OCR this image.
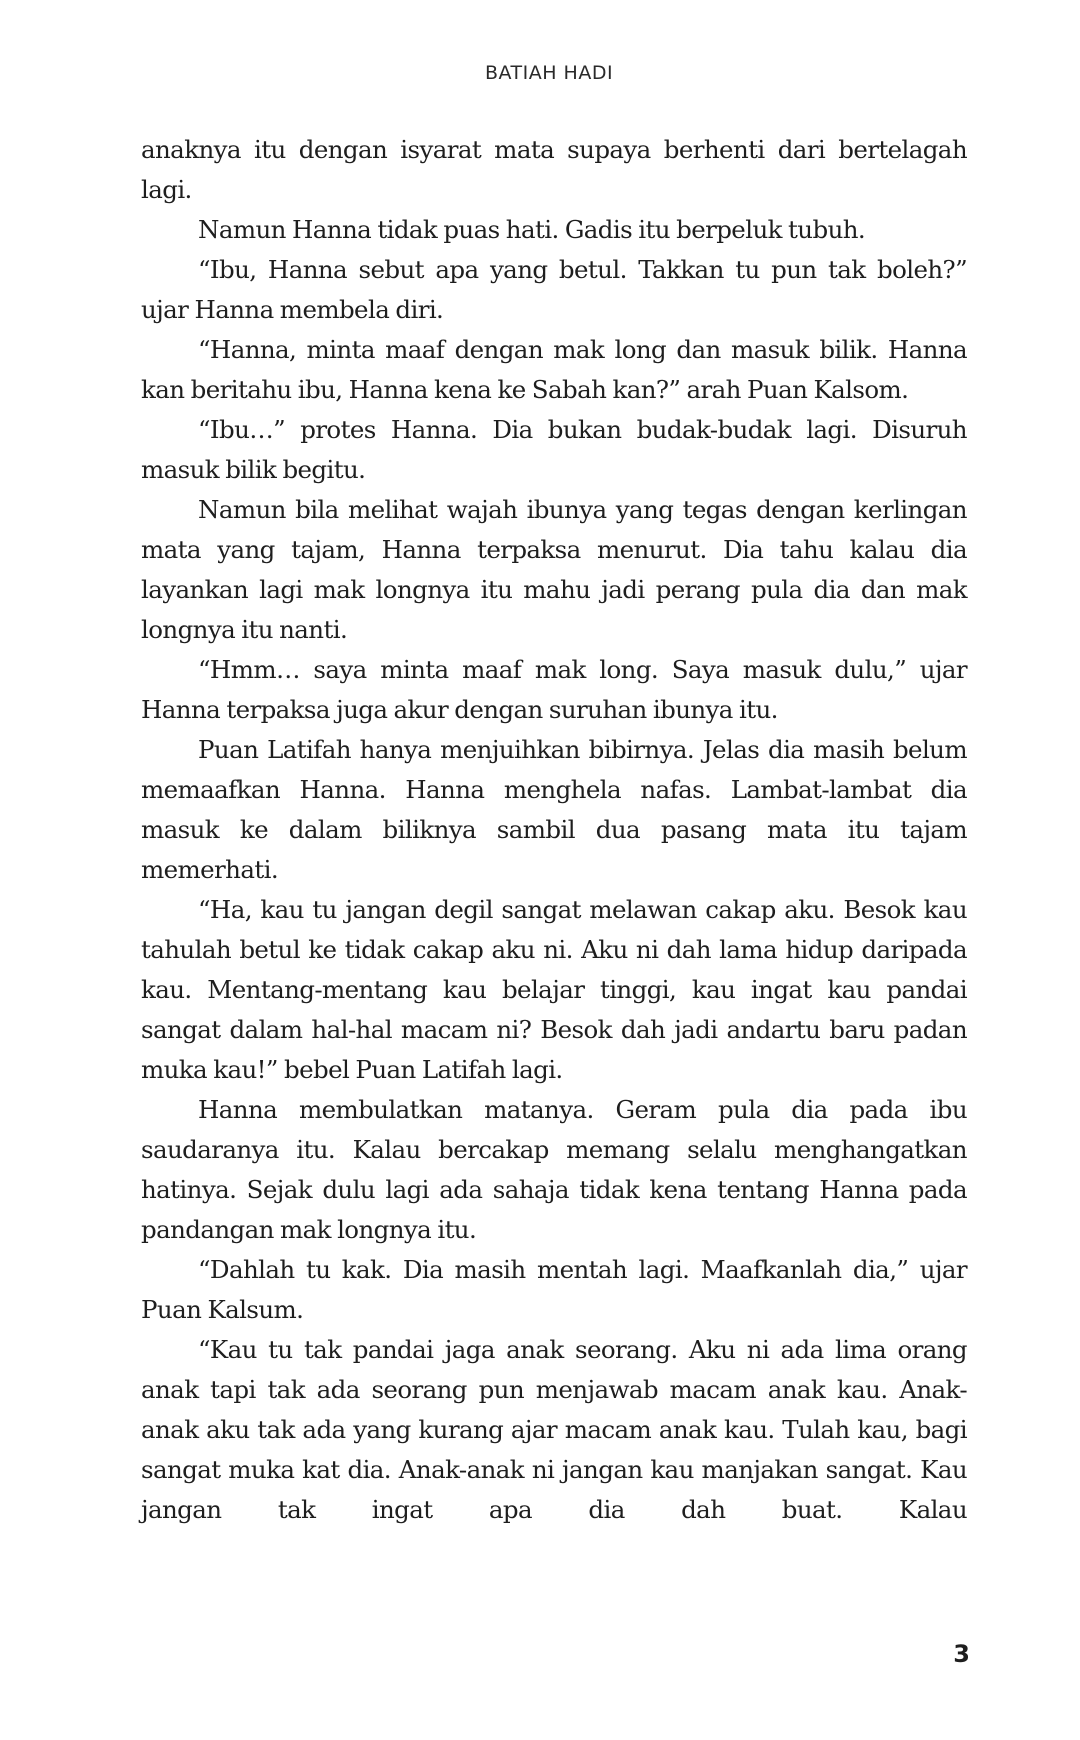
BATIAH HADI

anaknya itu dengan isyarat mata supaya berhenti dari bertelagah lagi.

Namun Hanna tidak puas hati. Gadis itu berpeluk tubuh.

“Ibu, Hanna sebut apa yang betul. Takkan tu pun tak boleh?” ujar Hanna membela diri.

“Hanna, minta maaf dengan mak long dan masuk bilik. Hanna kan beritahu ibu, Hanna kena ke Sabah kan?” arah Puan Kalsom.

“Ibu…” protes Hanna. Dia bukan budak-budak lagi. Disuruh masuk bilik begitu.

Namun bila melihat wajah ibunya yang tegas dengan kerlingan mata yang tajam, Hanna terpaksa menurut. Dia tahu kalau dia layankan lagi mak longnya itu mahu jadi perang pula dia dan mak longnya itu nanti.

“Hmm… saya minta maaf mak long. Saya masuk dulu,” ujar Hanna terpaksa juga akur dengan suruhan ibunya itu.

Puan Latifah hanya menjuihkan bibirnya. Jelas dia masih belum memaafkan Hanna. Hanna menghela nafas. Lambat-lambat dia masuk ke dalam biliknya sambil dua pasang mata itu tajam memerhati.

“Ha, kau tu jangan degil sangat melawan cakap aku. Besok kau tahulah betul ke tidak cakap aku ni. Aku ni dah lama hidup daripada kau. Mentang-mentang kau belajar tinggi, kau ingat kau pandai sangat dalam hal-hal macam ni? Besok dah jadi andartu baru padan muka kau!” bebel Puan Latifah lagi.

Hanna membulatkan matanya. Geram pula dia pada ibu saudaranya itu. Kalau bercakap memang selalu menghangatkan hatinya. Sejak dulu lagi ada sahaja tidak kena tentang Hanna pada pandangan mak longnya itu.

“Dahlah tu kak. Dia masih mentah lagi. Maafkanlah dia,” ujar Puan Kalsum.

“Kau tu tak pandai jaga anak seorang. Aku ni ada lima orang anak tapi tak ada seorang pun menjawab macam anak kau. Anak-anak aku tak ada yang kurang ajar macam anak kau. Tulah kau, bagi sangat muka kat dia. Anak-anak ni jangan kau manjakan sangat. Kau jangan tak ingat apa dia dah buat. Kalau

3
